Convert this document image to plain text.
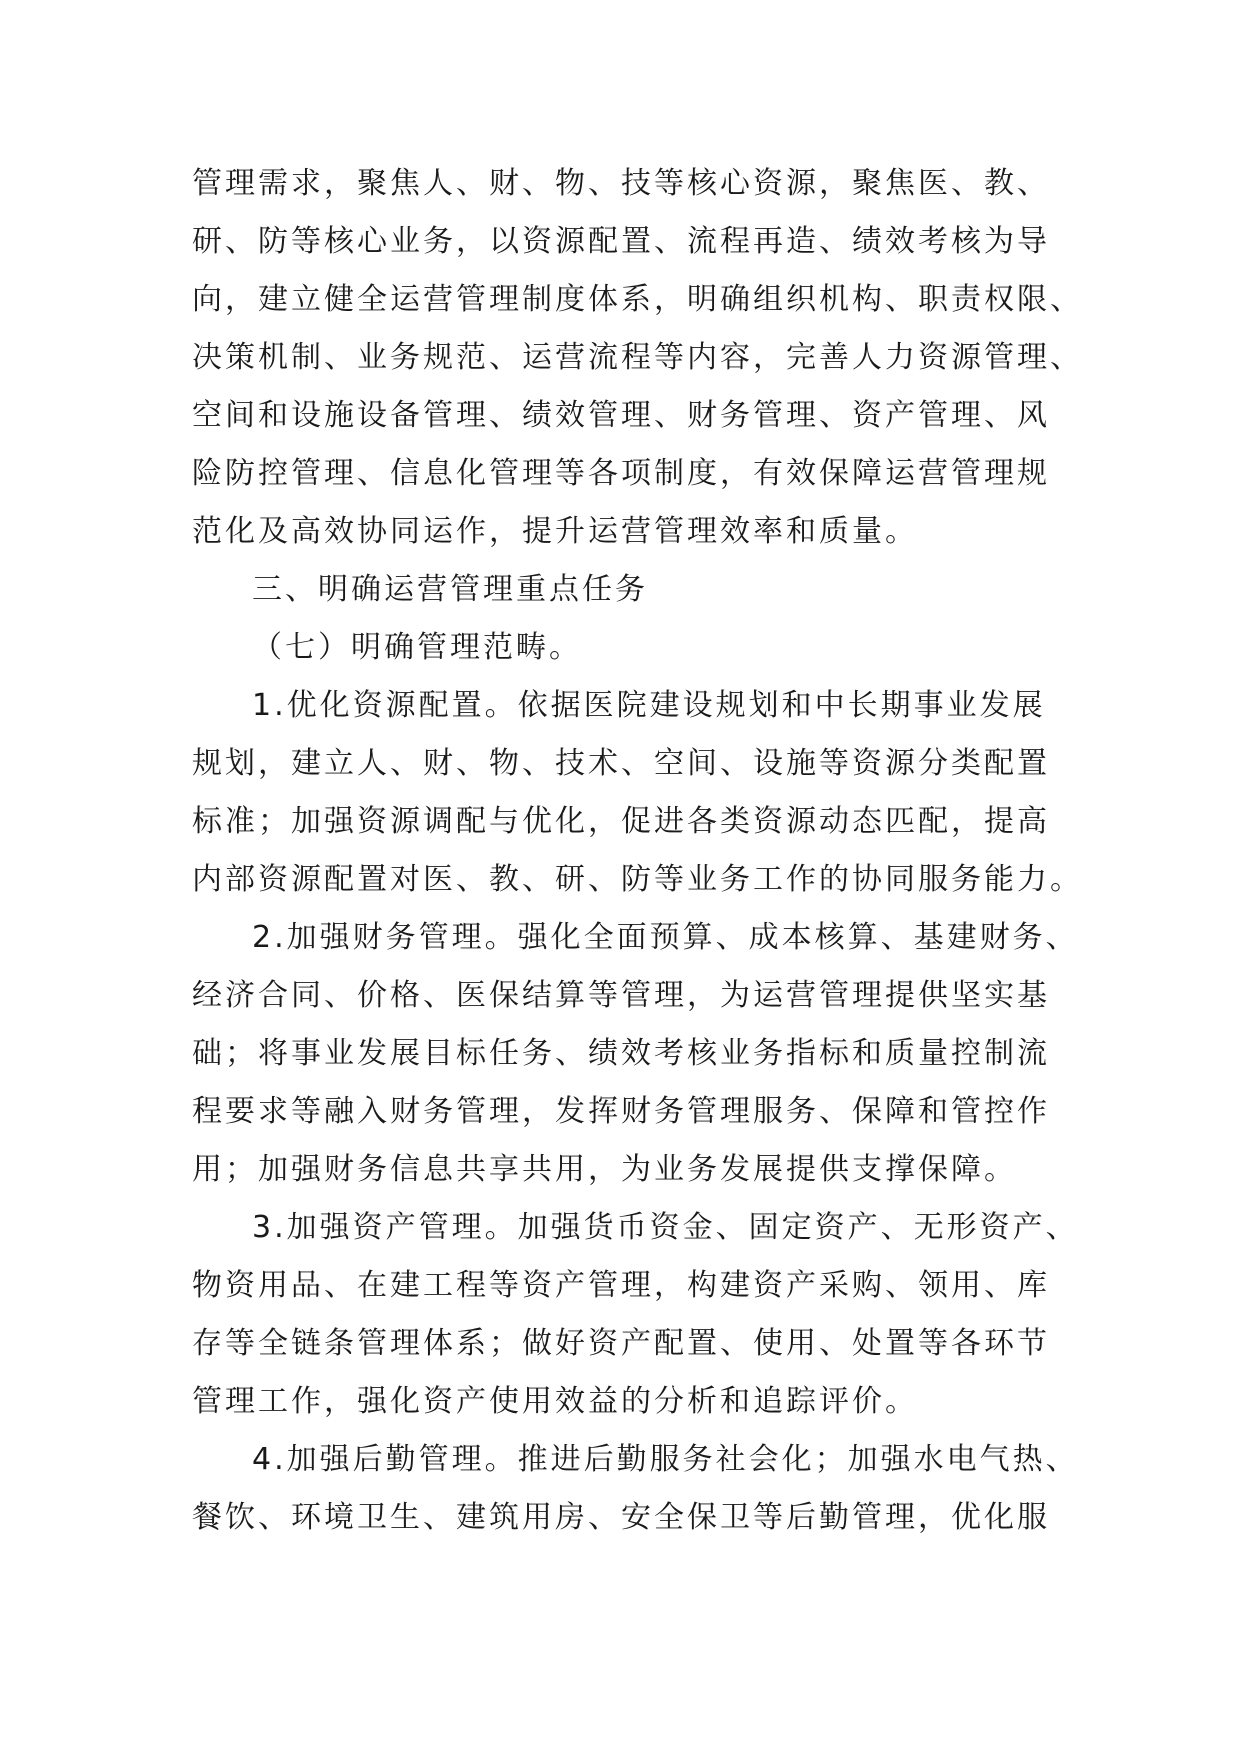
管理需求，聚焦人、财、物、技等核心资源，聚焦医、教、
研、防等核心业务，以资源配置、流程再造、绩效考核为导
向，建立健全运营管理制度体系，明确组织机构、职责权限、
决策机制、业务规范、运营流程等内容，完善人力资源管理、
空间和设施设备管理、绩效管理、财务管理、资产管理、风
险防控管理、信息化管理等各项制度，有效保障运营管理规
范化及高效协同运作，提升运营管理效率和质量。
三、明确运营管理重点任务
（七）明确管理范畴。
1.优化资源配置。依据医院建设规划和中长期事业发展
规划，建立人、财、物、技术、空间、设施等资源分类配置
标准；加强资源调配与优化，促进各类资源动态匹配，提高
内部资源配置对医、教、研、防等业务工作的协同服务能力。
2.加强财务管理。强化全面预算、成本核算、基建财务、
经济合同、价格、医保结算等管理，为运营管理提供坚实基
础；将事业发展目标任务、绩效考核业务指标和质量控制流
程要求等融入财务管理，发挥财务管理服务、保障和管控作
用；加强财务信息共享共用，为业务发展提供支撑保障。
3.加强资产管理。加强货币资金、固定资产、无形资产、
物资用品、在建工程等资产管理，构建资产采购、领用、库
存等全链条管理体系；做好资产配置、使用、处置等各环节
管理工作，强化资产使用效益的分析和追踪评价。
4.加强后勤管理。推进后勤服务社会化；加强水电气热、
餐饮、环境卫生、建筑用房、安全保卫等后勤管理，优化服
